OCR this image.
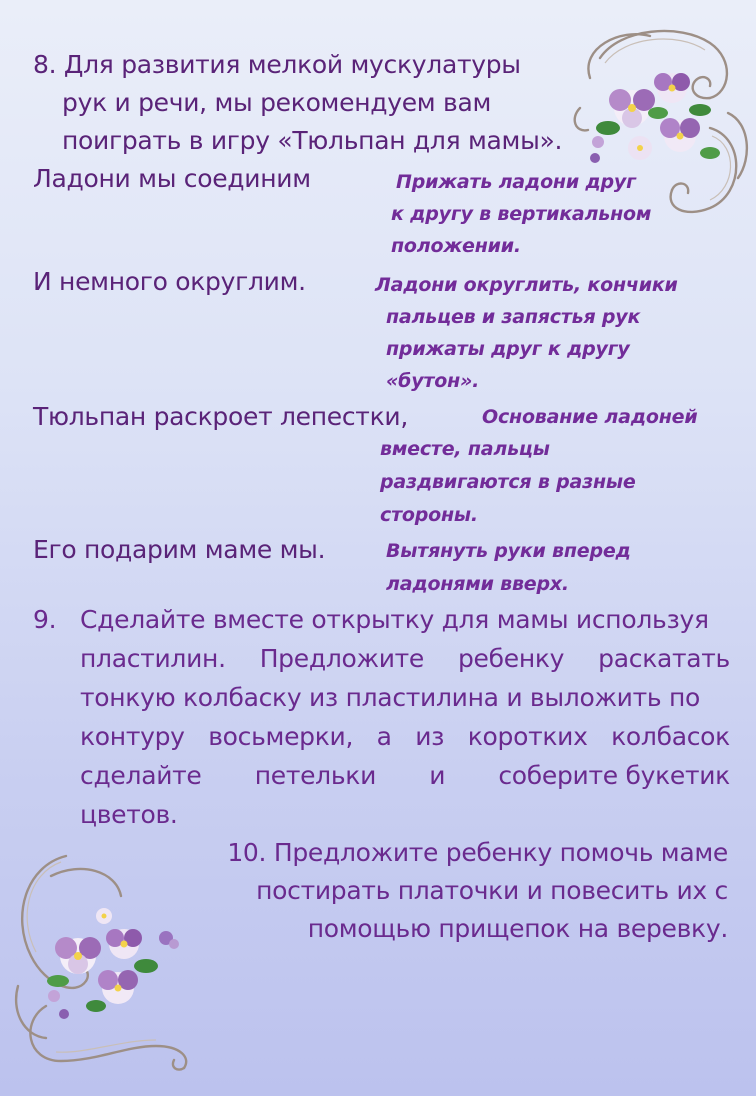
8. Для развития мелкой мускулатуры

рук и речи, мы рекомендуем вам

поиграть в игру «Тюльпан для мамы».

Ладони мы соединим	Прижать ладони друг

к другу в вертикальном

положении.

И немного округлим.	Ладони округлить, кончики

пальцев и запястья рук

прижаты друг к другу

«бутон».

Тюльпан раскроет лепестки,	Основание ладоней

вместе, пальцы

раздвигаются в разные

стороны.

Его подарим маме мы.	Вытянуть руки вперед

ладонями вверх.

9. Сделайте вместе открытку для мамы используя

пластилин. Предложите ребенку раскатать

тонкую колбаску из пластилина и выложить по

контуру восьмерки, а из коротких колбасок
сделайте петельки и соберите букетик

цветов.

10. Предложите ребенку помочь маме

постирать платочки и повесить их с

помощью прищепок на веревку.
